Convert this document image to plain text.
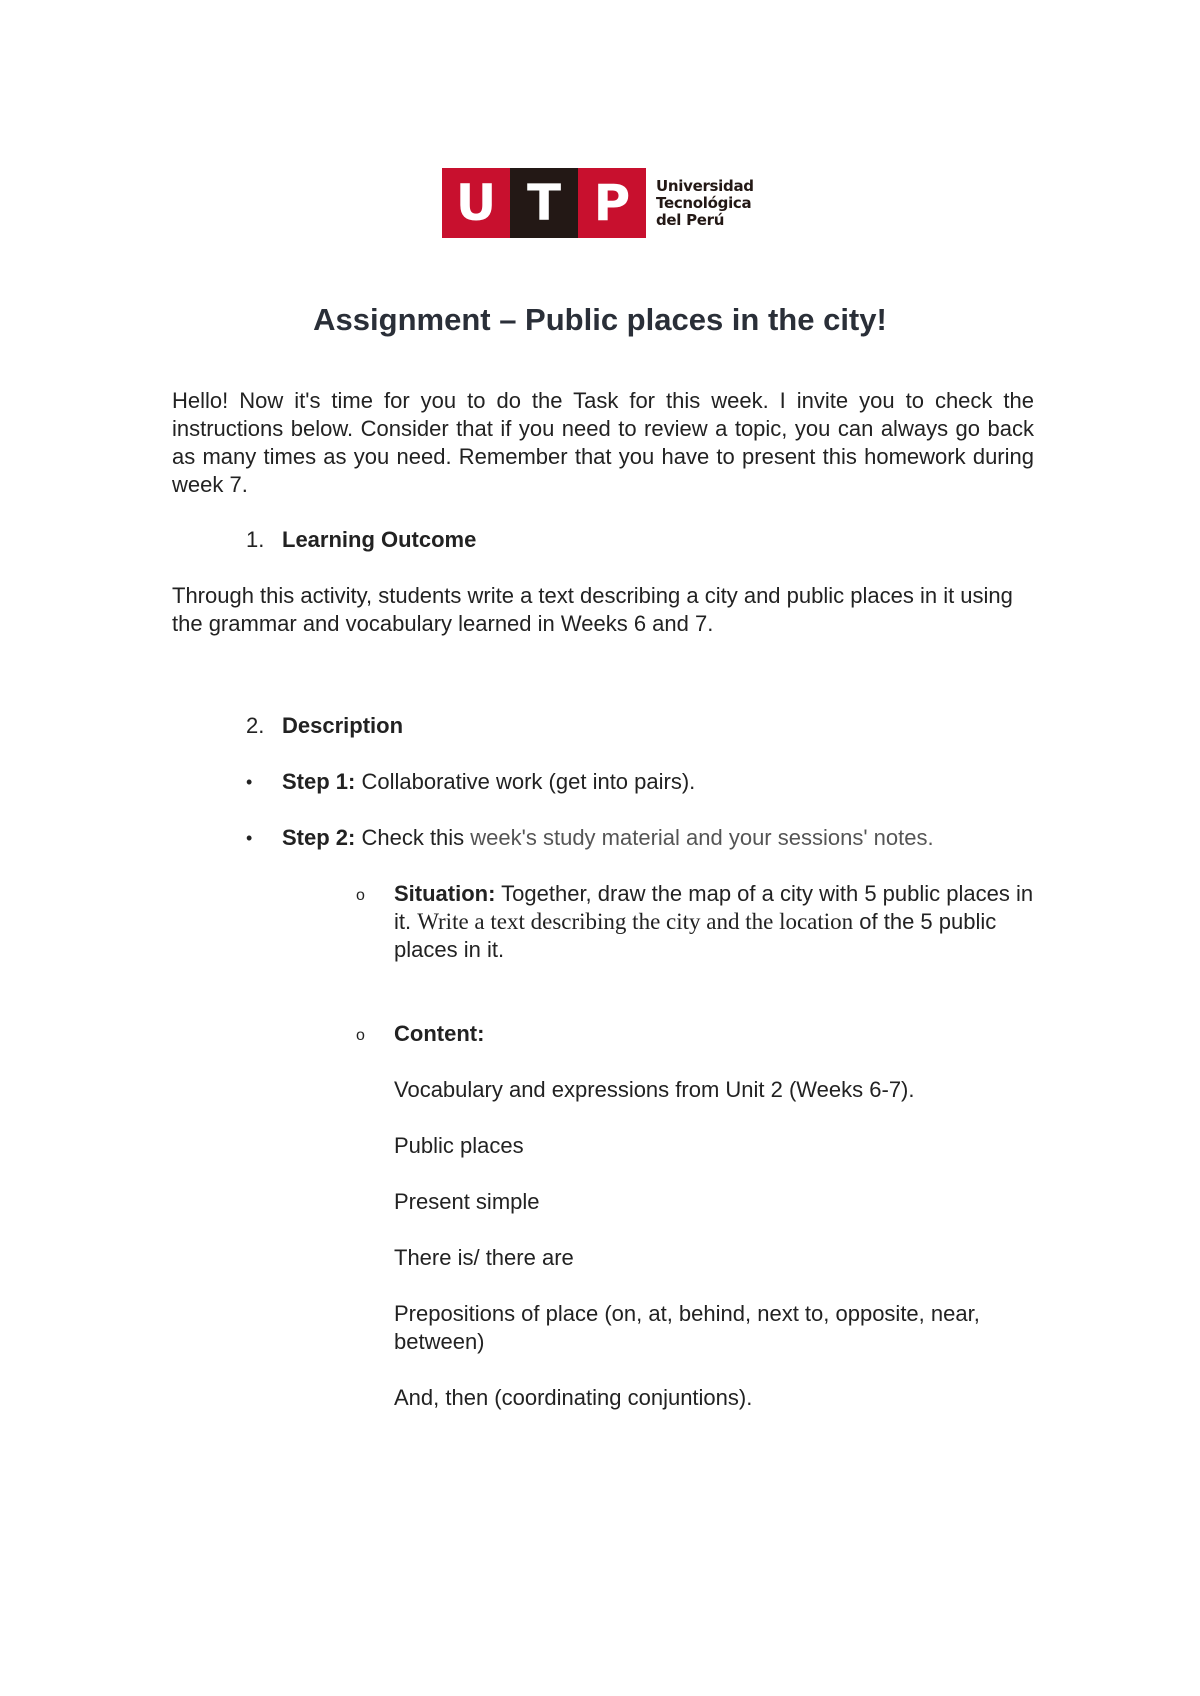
U T P	Universidad
Tecnológica
del Perú
Assignment – Public places in the city!
Hello! Now it's time for you to do the Task for this week. I invite you to check the instructions below. Consider that if you need to review a topic, you can always go back as many times as you need. Remember that you have to present this homework during week 7.
1. Learning Outcome
Through this activity, students write a text describing a city and public places in it using the grammar and vocabulary learned in Weeks 6 and 7.
2. Description
•	Step 1: Collaborative work (get into pairs).
•	Step 2: Check this week's study material and your sessions' notes.
o	Situation: Together, draw the map of a city with 5 public places in it. Write a text describing the city and the location of the 5 public places in it.
o	Content:
Vocabulary and expressions from Unit 2 (Weeks 6-7).
Public places
Present simple
There is/ there are
Prepositions of place (on, at, behind, next to, opposite, near, between)
And, then (coordinating conjuntions).
